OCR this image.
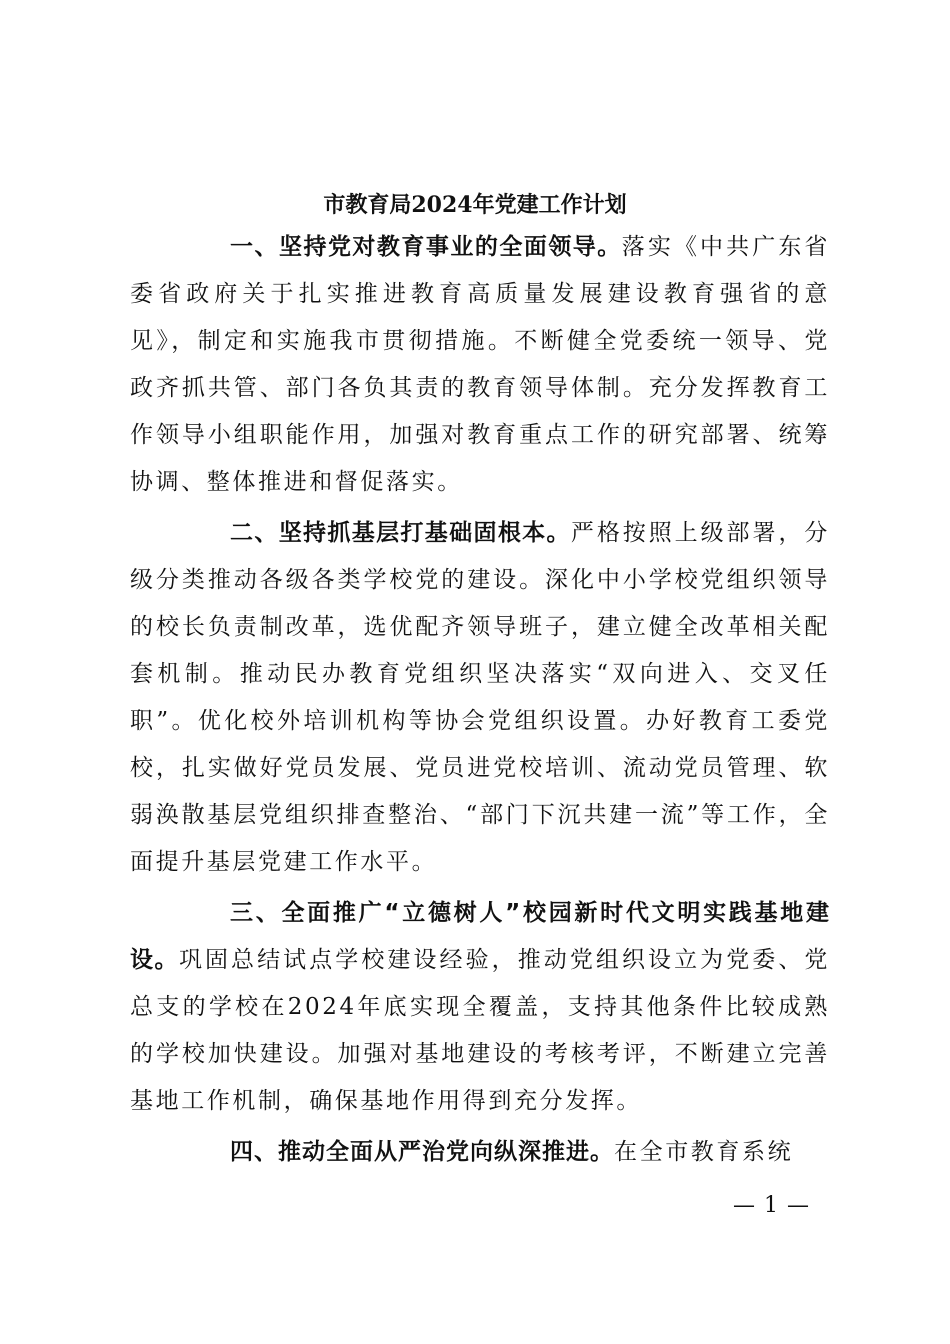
市教育局2024年党建工作计划

一、坚持党对教育事业的全面领导。落实《中共广东省委省政府关于扎实推进教育高质量发展建设教育强省的意见》，制定和实施我市贯彻措施。不断健全党委统一领导、党政齐抓共管、部门各负其责的教育领导体制。充分发挥教育工作领导小组职能作用，加强对教育重点工作的研究部署、统筹协调、整体推进和督促落实。

二、坚持抓基层打基础固根本。严格按照上级部署，分级分类推动各级各类学校党的建设。深化中小学校党组织领导的校长负责制改革，选优配齐领导班子，建立健全改革相关配套机制。推动民办教育党组织坚决落实“双向进入、交叉任职”。优化校外培训机构等协会党组织设置。办好教育工委党校，扎实做好党员发展、党员进党校培训、流动党员管理、软弱涣散基层党组织排查整治、“部门下沉共建一流”等工作，全面提升基层党建工作水平。

三、全面推广“立德树人”校园新时代文明实践基地建设。巩固总结试点学校建设经验，推动党组织设立为党委、党总支的学校在2024年底实现全覆盖，支持其他条件比较成熟的学校加快建设。加强对基地建设的考核考评，不断建立完善基地工作机制，确保基地作用得到充分发挥。

四、推动全面从严治党向纵深推进。在全市教育系统

— 1 —
